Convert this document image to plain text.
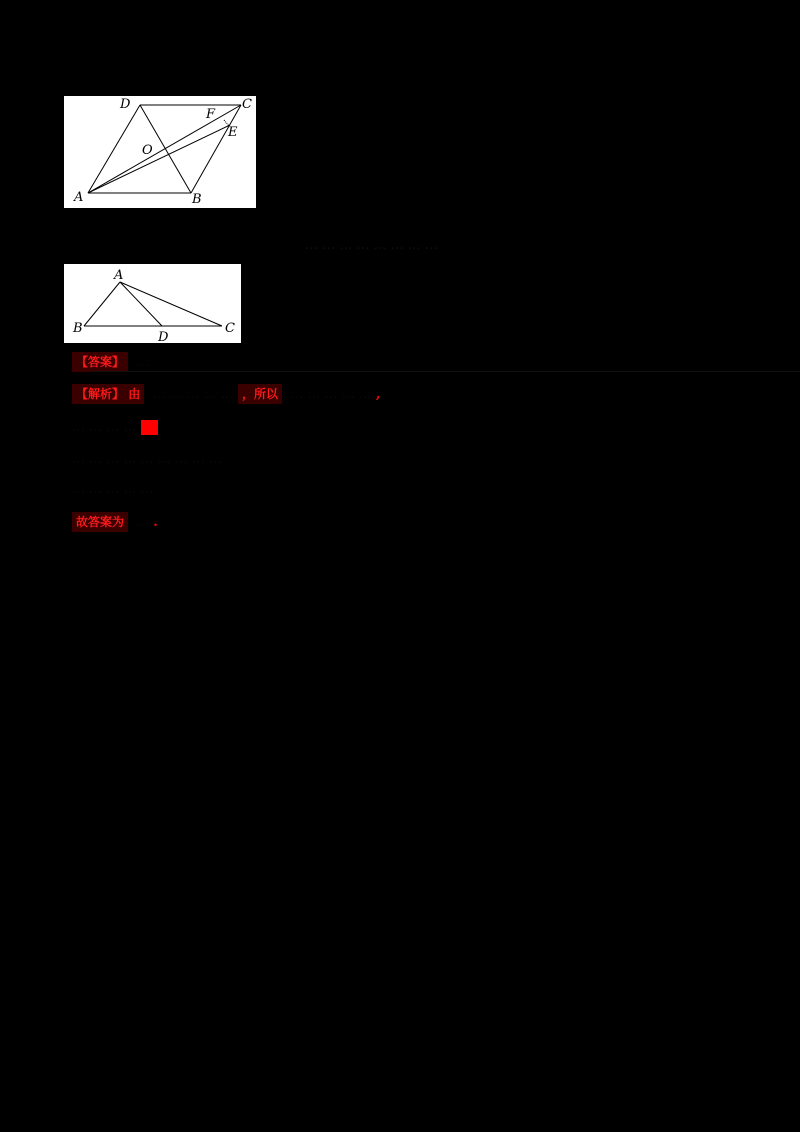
D	C
F
E
O
A	B
… … … … … … … …
A
B
D
C
【答案】 …
【解析】 由 … … … … … ，所以 … … … … … ,
… … … … …
… … … … … … … … …
… … … … …
故答案为 … .
